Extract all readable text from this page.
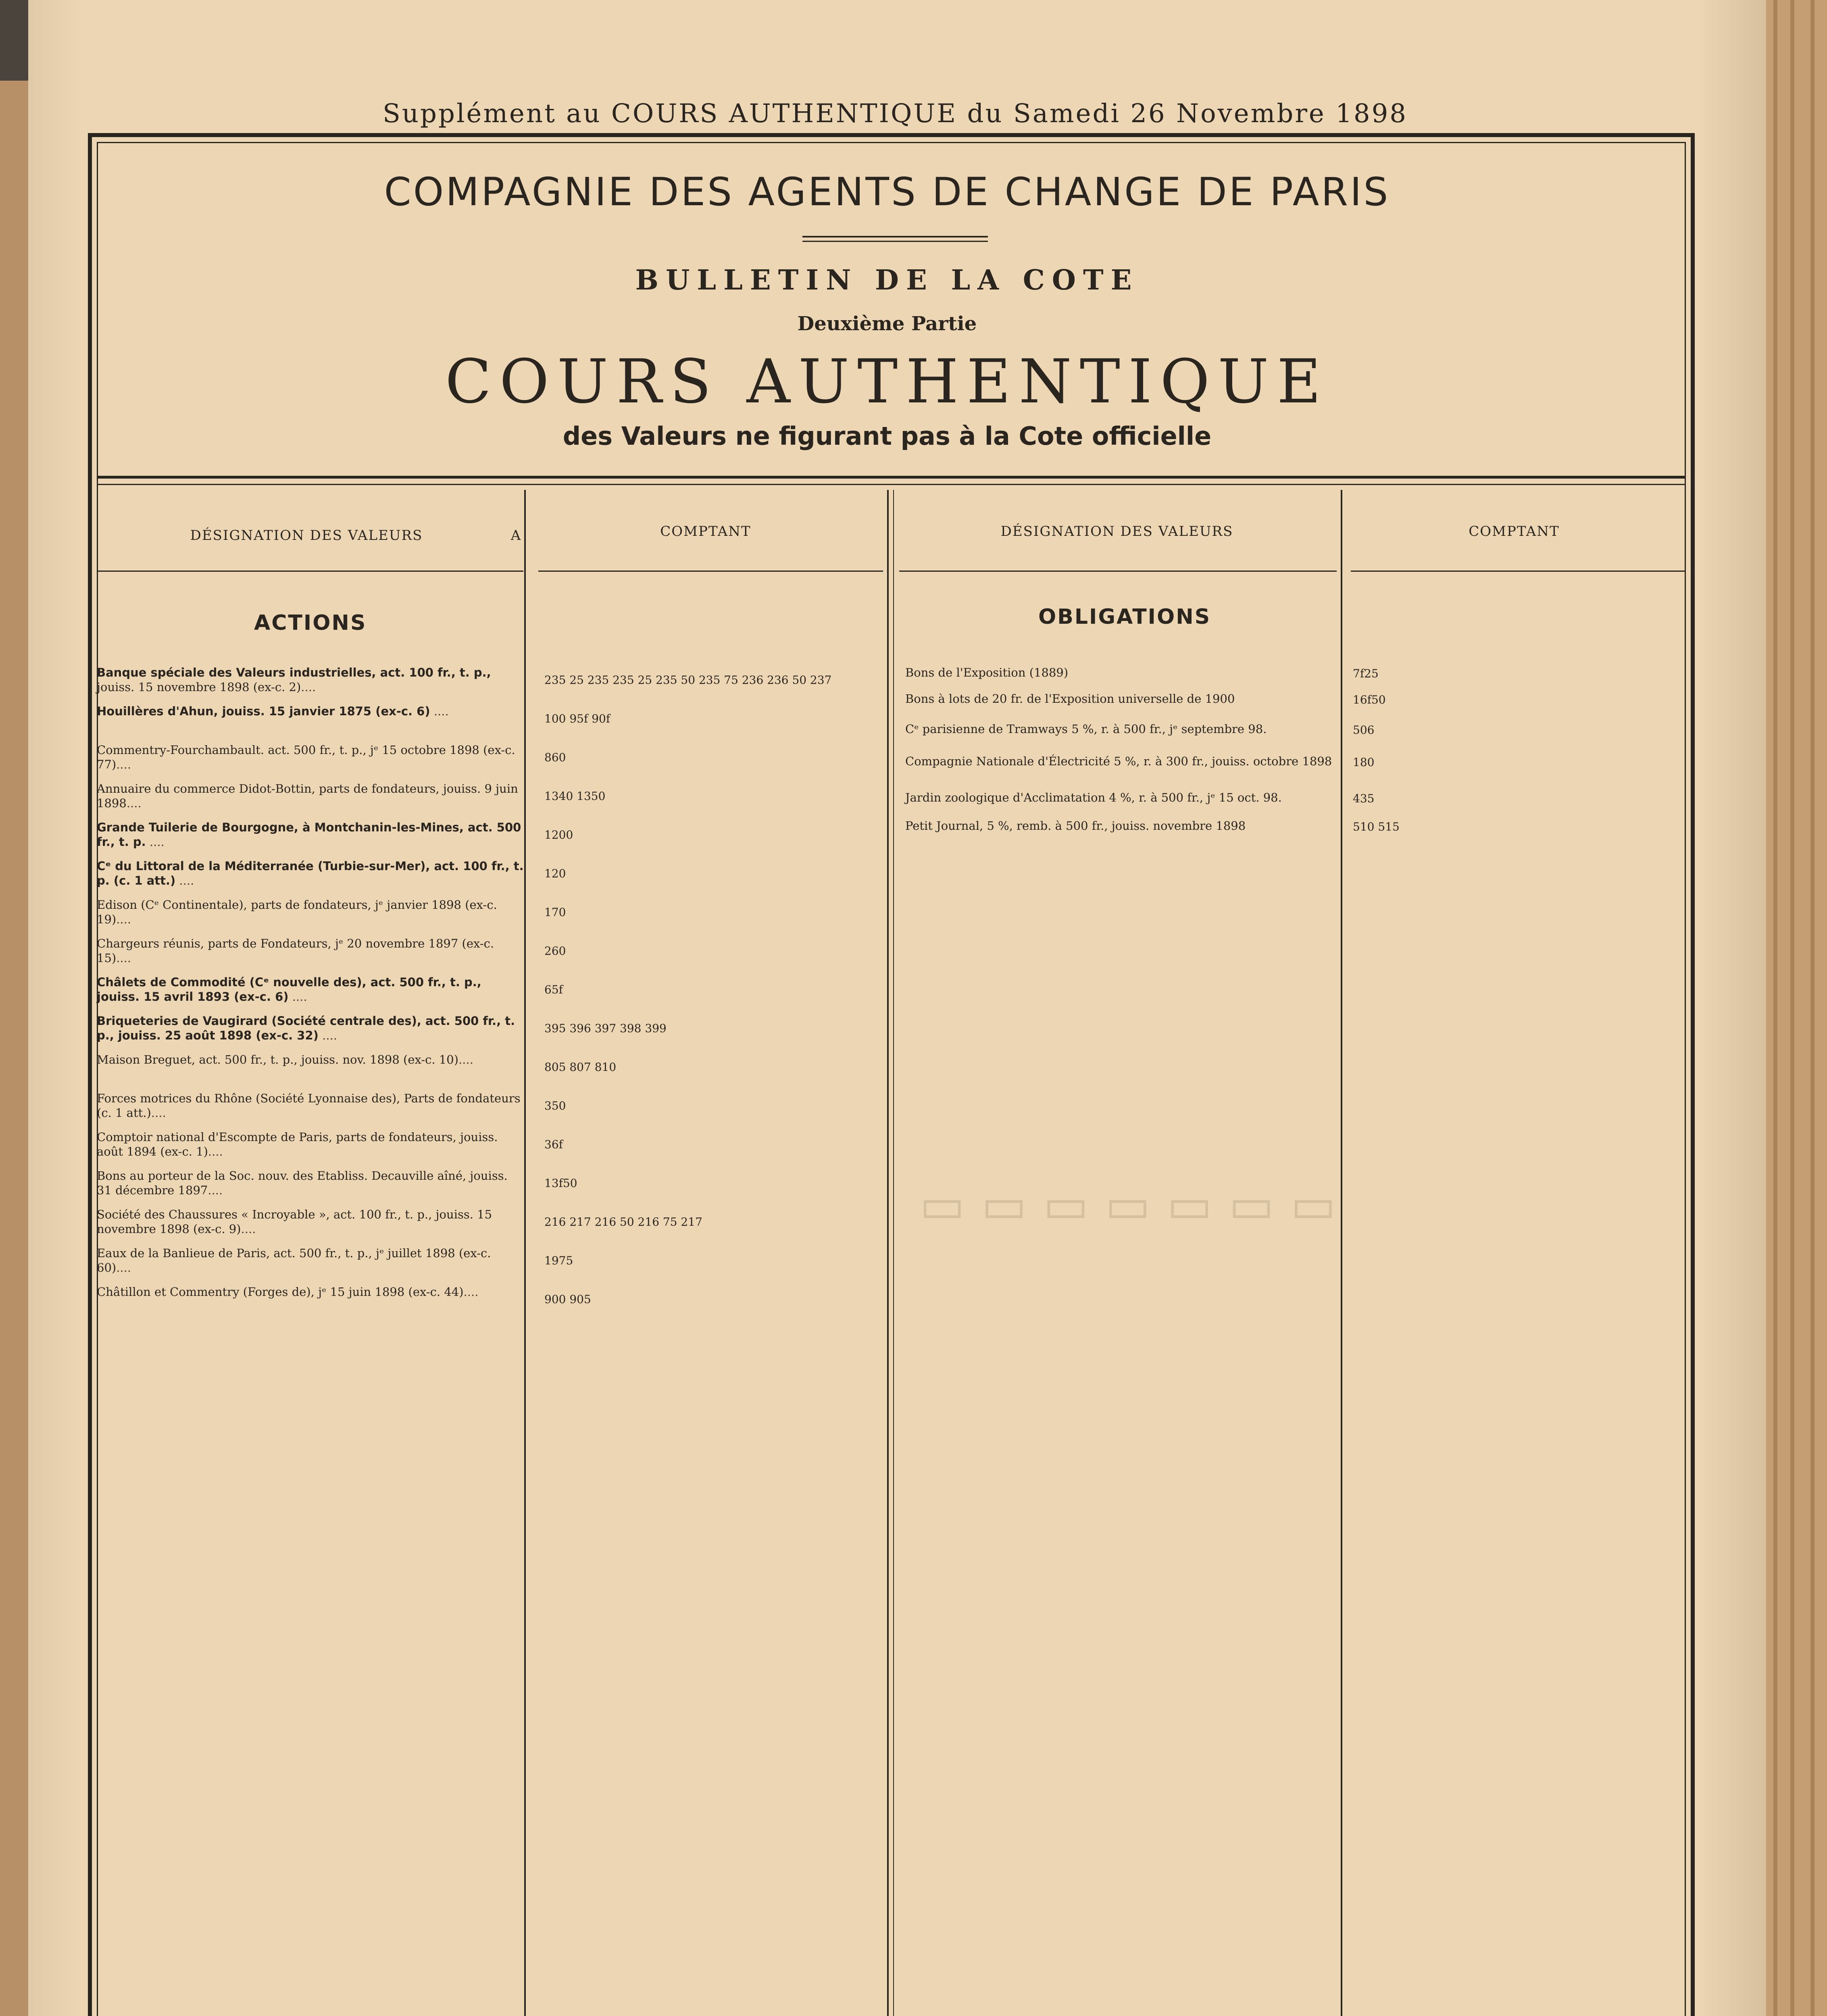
Supplément au COURS AUTHENTIQUE du Samedi 26 Novembre 1898
COMPAGNIE DES AGENTS DE CHANGE DE PARIS
BULLETIN DE LA COTE
Deuxième Partie
COURS AUTHENTIQUE
des Valeurs ne figurant pas à la Cote officielle
DÉSIGNATION DES VALEURS	A	COMPTANT	DÉSIGNATION DES VALEURS	COMPTANT
ACTIONS
Banque spéciale des Valeurs industrielles, act. 100 fr., t. p., jouiss. 15 novembre 1898 (ex-c. 2)....
235 25 235 235 25 235 50 235 75 236 236 50 237
Houillères d'Ahun, jouiss. 15 janvier 1875 (ex-c. 6) ....
100 95f 90f
Commentry-Fourchambault. act. 500 fr., t. p., jᵉ 15 octobre 1898 (ex-c. 77)....
860
Annuaire du commerce Didot-Bottin, parts de fondateurs, jouiss. 9 juin 1898....
1340 1350
Grande Tuilerie de Bourgogne, à Montchanin-les-Mines, act. 500 fr., t. p. ....
1200
Cᵉ du Littoral de la Méditerranée (Turbie-sur-Mer), act. 100 fr., t. p. (c. 1 att.) ....
120
Edison (Cᵉ Continentale), parts de fondateurs, jᵉ janvier 1898 (ex-c. 19)....
170
Chargeurs réunis, parts de Fondateurs, jᵉ 20 novembre 1897 (ex-c. 15)....
260
Châlets de Commodité (Cᵉ nouvelle des), act. 500 fr., t. p., jouiss. 15 avril 1893 (ex-c. 6) ....
65f
Briqueteries de Vaugirard (Société centrale des), act. 500 fr., t. p., jouiss. 25 août 1898 (ex-c. 32) ....
395 396 397 398 399
Maison Breguet, act. 500 fr., t. p., jouiss. nov. 1898 (ex-c. 10)....
805 807 810
Forces motrices du Rhône (Société Lyonnaise des), Parts de fondateurs (c. 1 att.)....
350
Comptoir national d'Escompte de Paris, parts de fondateurs, jouiss. août 1894 (ex-c. 1)....
36f
Bons au porteur de la Soc. nouv. des Etabliss. Decauville aîné, jouiss. 31 décembre 1897....
13f50
Société des Chaussures « Incroyable », act. 100 fr., t. p., jouiss. 15 novembre 1898 (ex-c. 9)....
216 217 216 50 216 75 217
Eaux de la Banlieue de Paris, act. 500 fr., t. p., jᵉ juillet 1898 (ex-c. 60)....
1975
Châtillon et Commentry (Forges de), jᵉ 15 juin 1898 (ex-c. 44)....
900 905
OBLIGATIONS
Bons de l'Exposition (1889)	7f25
Bons à lots de 20 fr. de l'Exposition universelle de 1900	16f50
Cᵉ parisienne de Tramways 5 %, r. à 500 fr., jᵉ septembre 98.	506
Compagnie Nationale d'Électricité 5 %, r. à 300 fr., jouiss. octobre 1898 180
Jardin zoologique d'Acclimatation 4 %, r. à 500 fr., jᵉ 15 oct. 98.	435
Petit Journal, 5 %, remb. à 500 fr., jouiss. novembre 1898	510 515
▭▭▭▭▭▭▭
